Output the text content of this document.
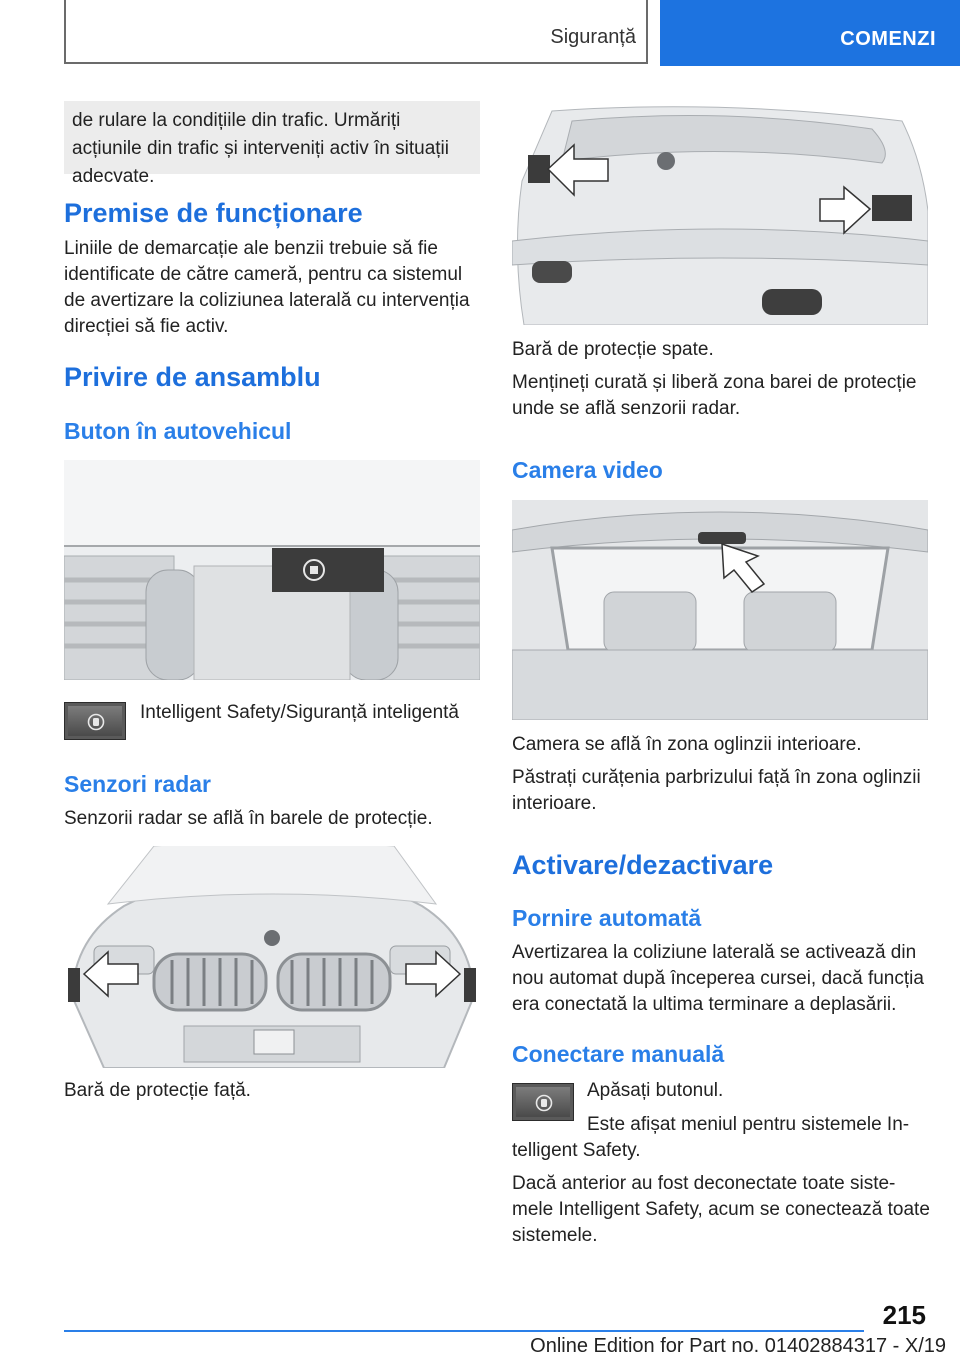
Siguranță	COMENZI
de rulare la condițiile din trafic. Urmăriți acțiunile din trafic și interveniți activ în situații adecvate.
Premise de funcționare
Liniile de demarcație ale benzii trebuie să fie identificate de către cameră, pentru ca sistemul de avertizare la coliziunea laterală cu intervenția direcției să fie activ.
Privire de ansamblu
Buton în autovehicul
Intelligent Safety/Siguranță inteligentă
Senzori radar
Senzorii radar se află în barele de protecție.
Bară de protecție față.
Bară de protecție spate.
Mențineți curată și liberă zona barei de protecție unde se află senzorii radar.
Camera video
Camera se află în zona oglinzii interioare.
Păstrați curățenia parbrizului față în zona oglinzii interioare.
Activare/dezactivare
Pornire automată
Avertizarea la coliziune laterală se activează din nou automat după începerea cursei, dacă funcția era conectată la ultima terminare a deplasării.
Conectare manuală
Apăsați butonul.
Este afișat meniul pentru sistemele In-
telligent Safety.
Dacă anterior au fost deconectate toate siste-mele Intelligent Safety, acum se conectează toate sistemele.
215
Online Edition for Part no. 01402884317 - X/19
